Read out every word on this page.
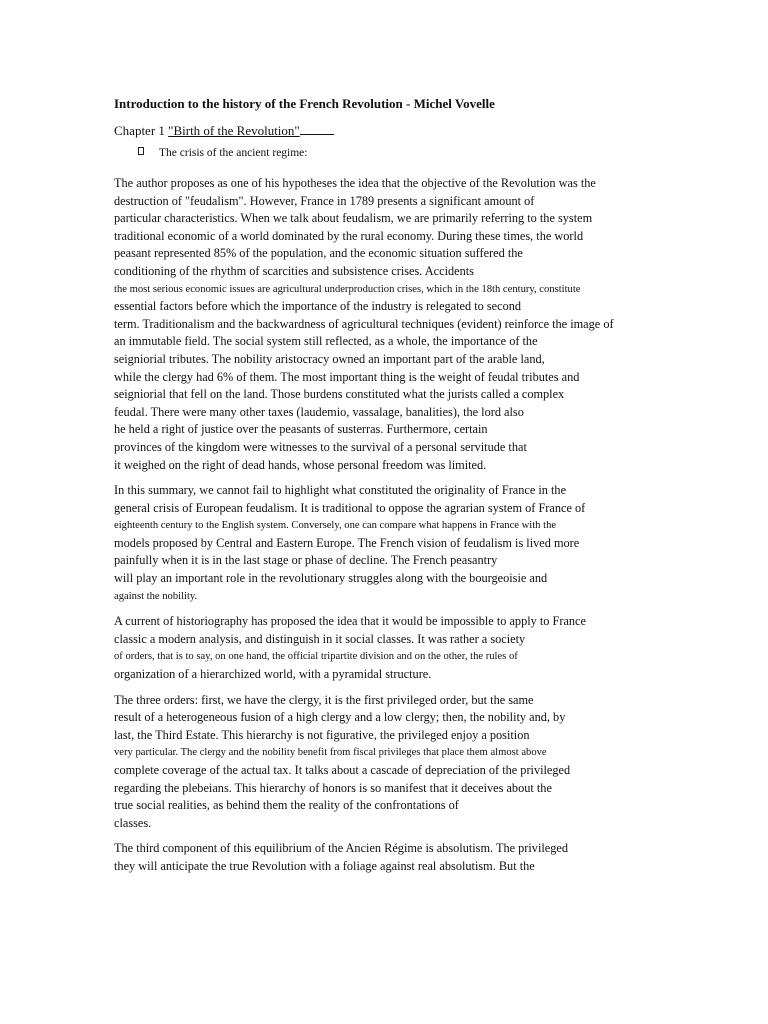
Introduction to the history of the French Revolution - Michel Vovelle
Chapter 1 "Birth of the Revolution"
The crisis of the ancient regime:
The author proposes as one of his hypotheses the idea that the objective of the Revolution was the
destruction of "feudalism". However, France in 1789 presents a significant amount of
particular characteristics. When we talk about feudalism, we are primarily referring to the system
traditional economic of a world dominated by the rural economy. During these times, the world
peasant represented 85% of the population, and the economic situation suffered the
conditioning of the rhythm of scarcities and subsistence crises. Accidents
the most serious economic issues are agricultural underproduction crises, which in the 18th century, constitute
essential factors before which the importance of the industry is relegated to second
term. Traditionalism and the backwardness of agricultural techniques (evident) reinforce the image of
an immutable field. The social system still reflected, as a whole, the importance of the
seigniorial tributes. The nobility aristocracy owned an important part of the arable land,
while the clergy had 6% of them. The most important thing is the weight of feudal tributes and
seigniorial that fell on the land. Those burdens constituted what the jurists called a complex
feudal. There were many other taxes (laudemio, vassalage, banalities), the lord also
he held a right of justice over the peasants of susterras. Furthermore, certain
provinces of the kingdom were witnesses to the survival of a personal servitude that
it weighed on the right of dead hands, whose personal freedom was limited.
In this summary, we cannot fail to highlight what constituted the originality of France in the
general crisis of European feudalism. It is traditional to oppose the agrarian system of France of
eighteenth century to the English system. Conversely, one can compare what happens in France with the
models proposed by Central and Eastern Europe. The French vision of feudalism is lived more
painfully when it is in the last stage or phase of decline. The French peasantry
will play an important role in the revolutionary struggles along with the bourgeoisie and
against the nobility.
A current of historiography has proposed the idea that it would be impossible to apply to France
classic a modern analysis, and distinguish in it social classes. It was rather a society
of orders, that is to say, on one hand, the official tripartite division and on the other, the rules of
organization of a hierarchized world, with a pyramidal structure.
The three orders: first, we have the clergy, it is the first privileged order, but the same
result of a heterogeneous fusion of a high clergy and a low clergy; then, the nobility and, by
last, the Third Estate. This hierarchy is not figurative, the privileged enjoy a position
very particular. The clergy and the nobility benefit from fiscal privileges that place them almost above
complete coverage of the actual tax. It talks about a cascade of depreciation of the privileged
regarding the plebeians. This hierarchy of honors is so manifest that it deceives about the
true social realities, as behind them the reality of the confrontations of
classes.
The third component of this equilibrium of the Ancien Régime is absolutism. The privileged
they will anticipate the true Revolution with a foliage against real absolutism. But the
